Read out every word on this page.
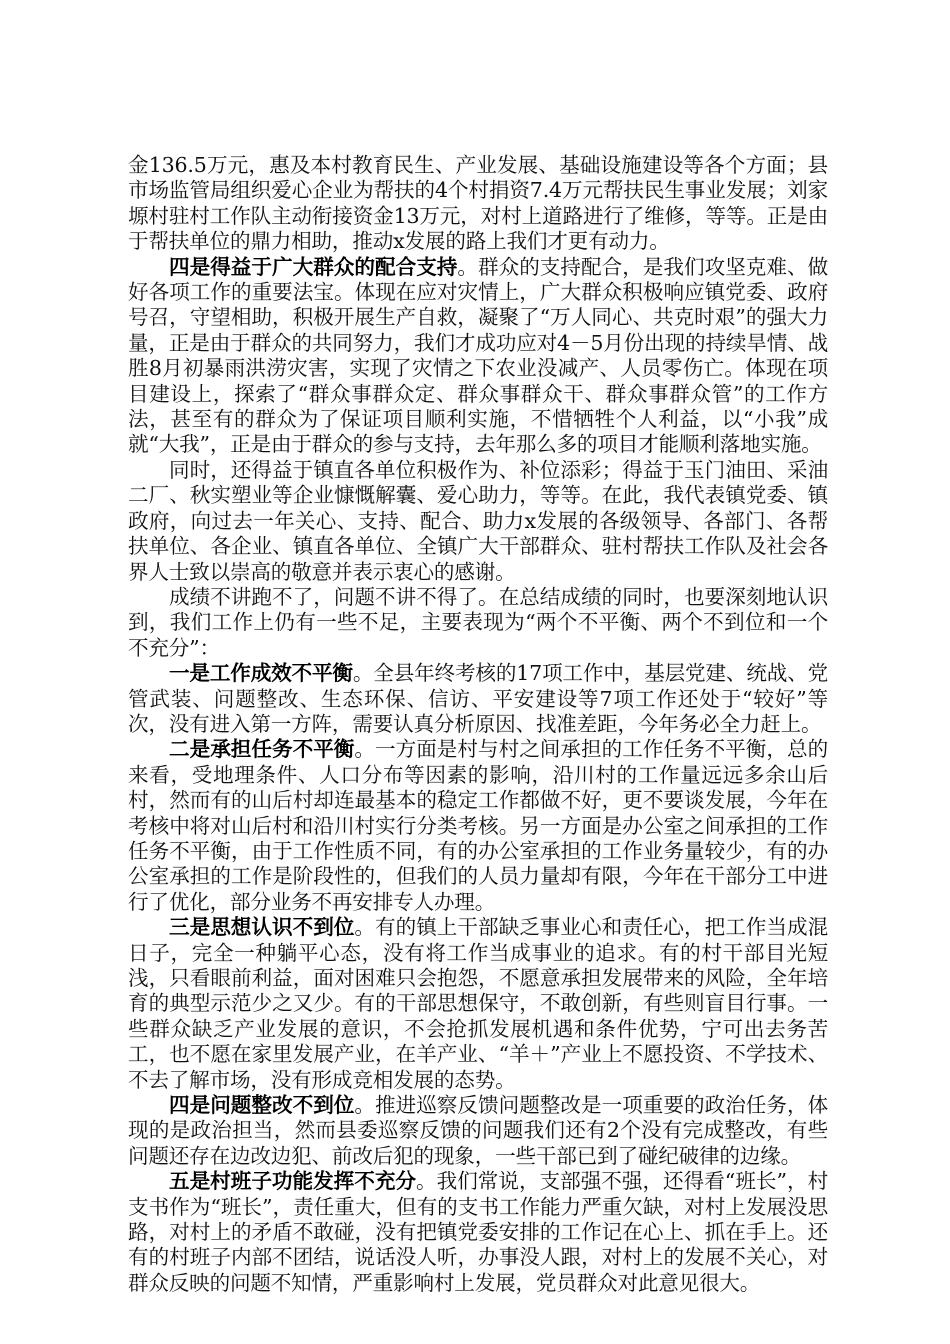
金136.5万元，惠及本村教育民生、产业发展、基础设施建设等各个方面；县市场监管局组织爱心企业为帮扶的4个村捐资7.4万元帮扶民生事业发展；刘家塬村驻村工作队主动衔接资金13万元，对村上道路进行了维修，等等。正是由于帮扶单位的鼎力相助，推动x发展的路上我们才更有动力。

四是得益于广大群众的配合支持。群众的支持配合，是我们攻坚克难、做好各项工作的重要法宝。体现在应对灾情上，广大群众积极响应镇党委、政府号召，守望相助，积极开展生产自救，凝聚了“万人同心、共克时艰”的强大力量，正是由于群众的共同努力，我们才成功应对4－5月份出现的持续旱情、战胜8月初暴雨洪涝灾害，实现了灾情之下农业没减产、人员零伤亡。体现在项目建设上，探索了“群众事群众定、群众事群众干、群众事群众管”的工作方法，甚至有的群众为了保证项目顺利实施，不惜牺牲个人利益，以“小我”成就“大我”，正是由于群众的参与支持，去年那么多的项目才能顺利落地实施。

同时，还得益于镇直各单位积极作为、补位添彩；得益于玉门油田、采油二厂、秋实塑业等企业慷慨解囊、爱心助力，等等。在此，我代表镇党委、镇政府，向过去一年关心、支持、配合、助力x发展的各级领导、各部门、各帮扶单位、各企业、镇直各单位、全镇广大干部群众、驻村帮扶工作队及社会各界人士致以崇高的敬意并表示衷心的感谢。

成绩不讲跑不了，问题不讲不得了。在总结成绩的同时，也要深刻地认识到，我们工作上仍有一些不足，主要表现为“两个不平衡、两个不到位和一个不充分”：

一是工作成效不平衡。全县年终考核的17项工作中，基层党建、统战、党管武装、问题整改、生态环保、信访、平安建设等7项工作还处于“较好”等次，没有进入第一方阵，需要认真分析原因、找准差距，今年务必全力赶上。

二是承担任务不平衡。一方面是村与村之间承担的工作任务不平衡，总的来看，受地理条件、人口分布等因素的影响，沿川村的工作量远远多余山后村，然而有的山后村却连最基本的稳定工作都做不好，更不要谈发展，今年在考核中将对山后村和沿川村实行分类考核。另一方面是办公室之间承担的工作任务不平衡，由于工作性质不同，有的办公室承担的工作业务量较少，有的办公室承担的工作是阶段性的，但我们的人员力量却有限，今年在干部分工中进行了优化，部分业务不再安排专人办理。

三是思想认识不到位。有的镇上干部缺乏事业心和责任心，把工作当成混日子，完全一种躺平心态，没有将工作当成事业的追求。有的村干部目光短浅，只看眼前利益，面对困难只会抱怨，不愿意承担发展带来的风险，全年培育的典型示范少之又少。有的干部思想保守，不敢创新，有些则盲目行事。一些群众缺乏产业发展的意识，不会抢抓发展机遇和条件优势，宁可出去务苦工，也不愿在家里发展产业，在羊产业、“羊＋”产业上不愿投资、不学技术、不去了解市场，没有形成竞相发展的态势。

四是问题整改不到位。推进巡察反馈问题整改是一项重要的政治任务，体现的是政治担当，然而县委巡察反馈的问题我们还有2个没有完成整改，有些问题还存在边改边犯、前改后犯的现象，一些干部已到了碰纪破律的边缘。

五是村班子功能发挥不充分。我们常说，支部强不强，还得看“班长”，村支书作为“班长”，责任重大，但有的支书工作能力严重欠缺，对村上发展没思路，对村上的矛盾不敢碰，没有把镇党委安排的工作记在心上、抓在手上。还有的村班子内部不团结，说话没人听，办事没人跟，对村上的发展不关心，对群众反映的问题不知情，严重影响村上发展，党员群众对此意见很大。
